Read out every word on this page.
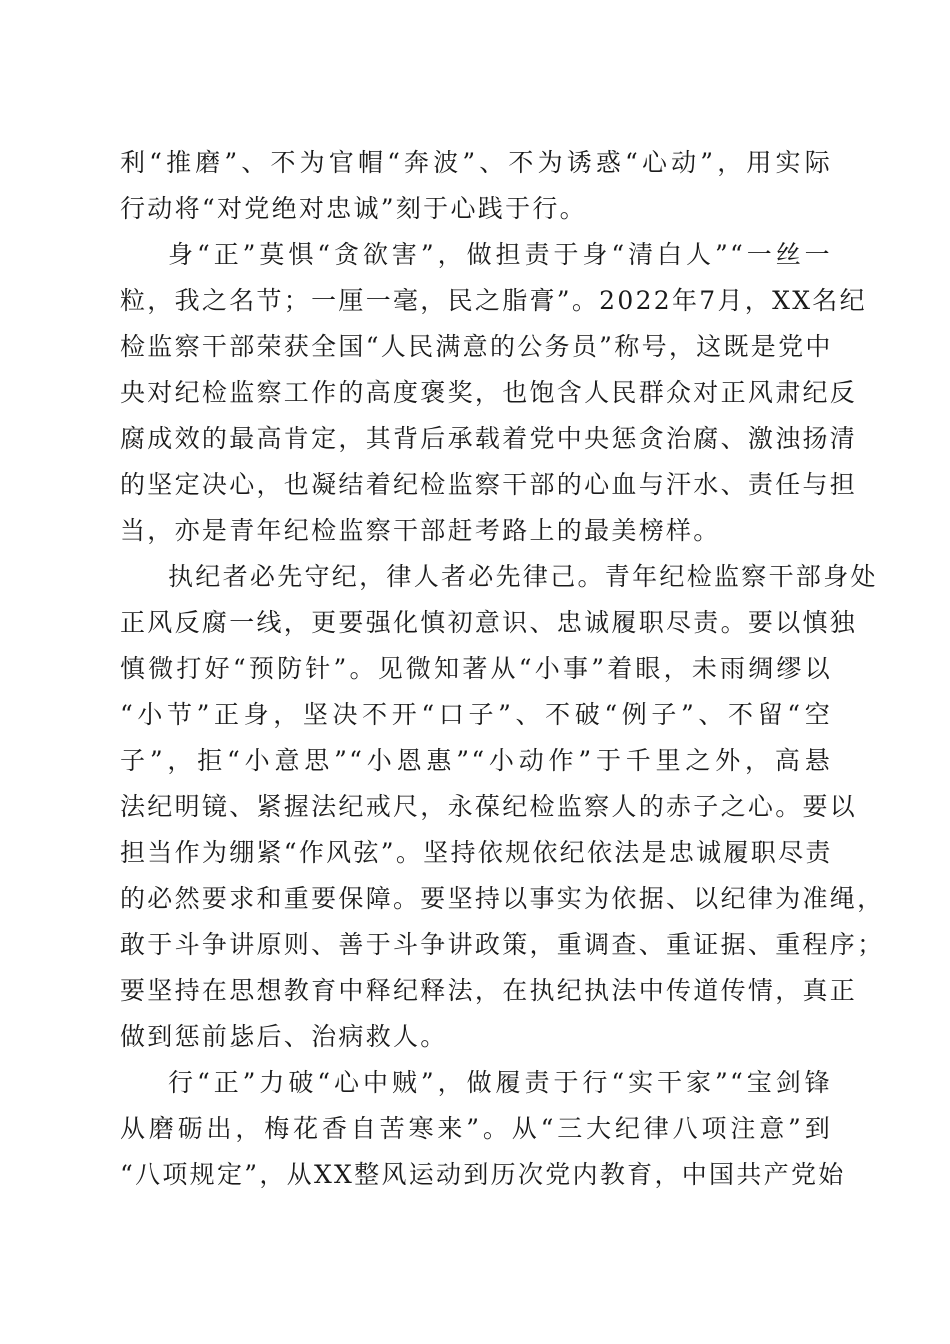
利“推磨”、不为官帽“奔波”、不为诱惑“心动”，用实际
行动将“对党绝对忠诚”刻于心践于行。
身“正”莫惧“贪欲害”，做担责于身“清白人”“一丝一
粒，我之名节；一厘一毫，民之脂膏”。2022年7月，XX名纪
检监察干部荣获全国“人民满意的公务员”称号，这既是党中
央对纪检监察工作的高度褒奖，也饱含人民群众对正风肃纪反
腐成效的最高肯定，其背后承载着党中央惩贪治腐、激浊扬清
的坚定决心，也凝结着纪检监察干部的心血与汗水、责任与担
当，亦是青年纪检监察干部赶考路上的最美榜样。
执纪者必先守纪，律人者必先律己。青年纪检监察干部身处
正风反腐一线，更要强化慎初意识、忠诚履职尽责。要以慎独
慎微打好“预防针”。见微知著从“小事”着眼，未雨绸缪以
“小节”正身，坚决不开“口子”、不破“例子”、不留“空
子”，拒“小意思”“小恩惠”“小动作”于千里之外，高悬
法纪明镜、紧握法纪戒尺，永葆纪检监察人的赤子之心。要以
担当作为绷紧“作风弦”。坚持依规依纪依法是忠诚履职尽责
的必然要求和重要保障。要坚持以事实为依据、以纪律为准绳，
敢于斗争讲原则、善于斗争讲政策，重调查、重证据、重程序；
要坚持在思想教育中释纪释法，在执纪执法中传道传情，真正
做到惩前毖后、治病救人。
行“正”力破“心中贼”，做履责于行“实干家”“宝剑锋
从磨砺出，梅花香自苦寒来”。从“三大纪律八项注意”到
“八项规定”，从XX整风运动到历次党内教育，中国共产党始
